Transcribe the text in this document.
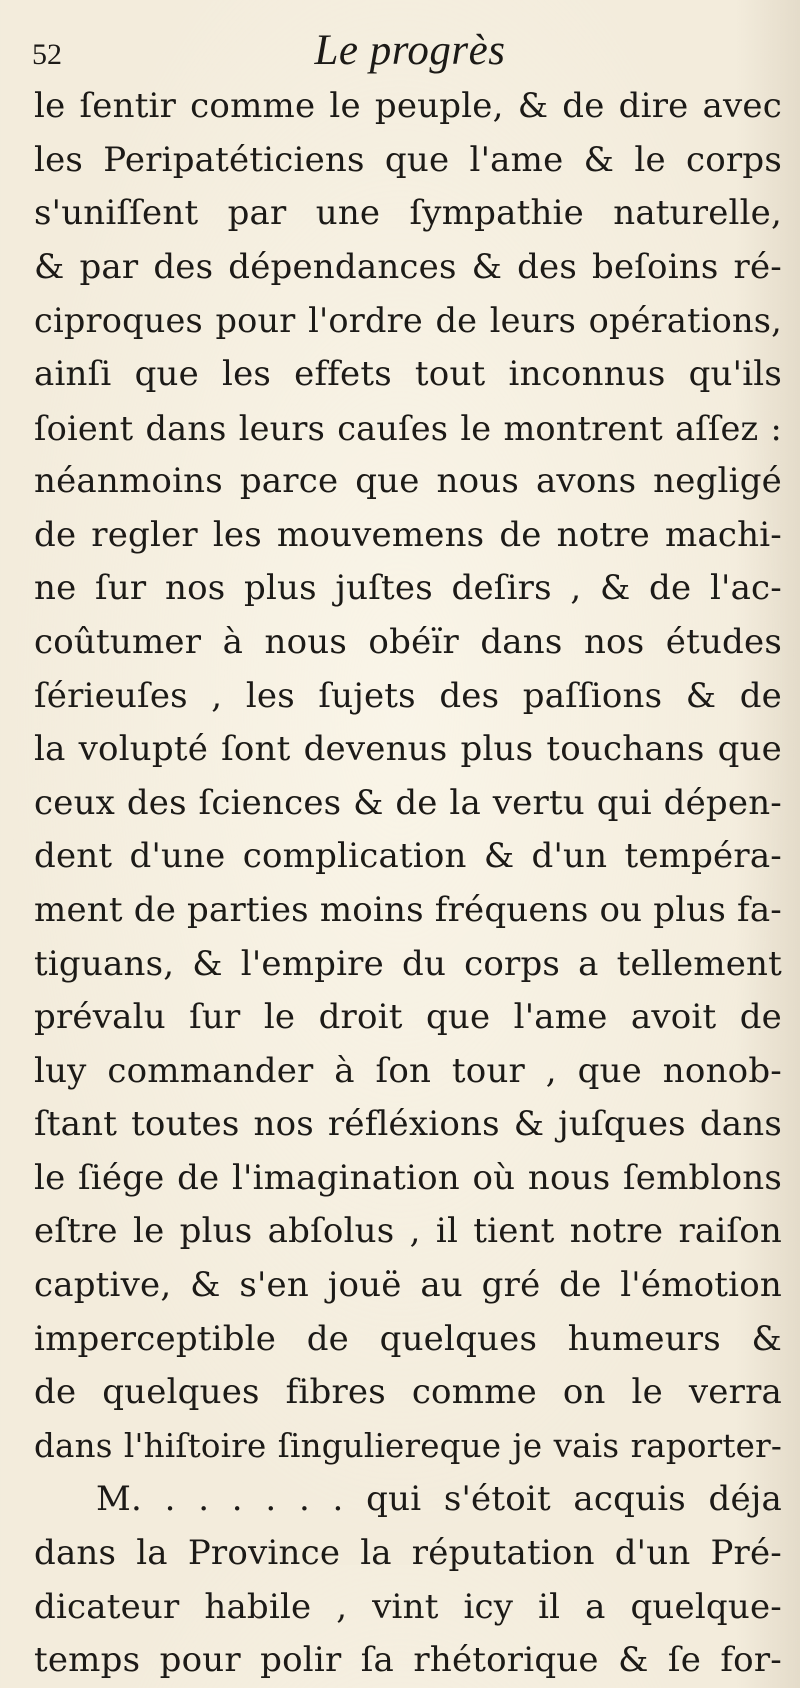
52	Le progrès
le ſentir comme le peuple, & de dire avec
les Peripatéticiens que l'ame & le corps
s'uniſſent par une ſympathie naturelle,
& par des dépendances & des beſoins ré-
ciproques pour l'ordre de leurs opérations,
ainſi que les effets tout inconnus qu'ils
ſoient dans leurs cauſes le montrent aſſez :
néanmoins parce que nous avons negligé
de regler les mouvemens de notre machi-
ne ſur nos plus juſtes deſirs , & de l'ac-
coûtumer à nous obéïr dans nos études
ſérieuſes , les ſujets des paſſions & de
la volupté ſont devenus plus touchans que
ceux des ſciences & de la vertu qui dépen-
dent d'une complication & d'un tempéra-
ment de parties moins fréquens ou plus fa-
tiguans, & l'empire du corps a tellement
prévalu ſur le droit que l'ame avoit de
luy commander à ſon tour , que nonob-
ſtant toutes nos réfléxions & juſques dans
le ſiége de l'imagination où nous ſemblons
eſtre le plus abſolus , il tient notre raiſon
captive, & s'en jouë au gré de l'émotion
imperceptible de quelques humeurs &
de quelques fibres comme on le verra
dans l'hiſtoire ſinguliereque je vais raporter-
M. . . . . . . qui s'étoit acquis déja
dans la Province la réputation d'un Pré-
dicateur habile , vint icy il a quelque-
temps pour polir ſa rhétorique & ſe for-
